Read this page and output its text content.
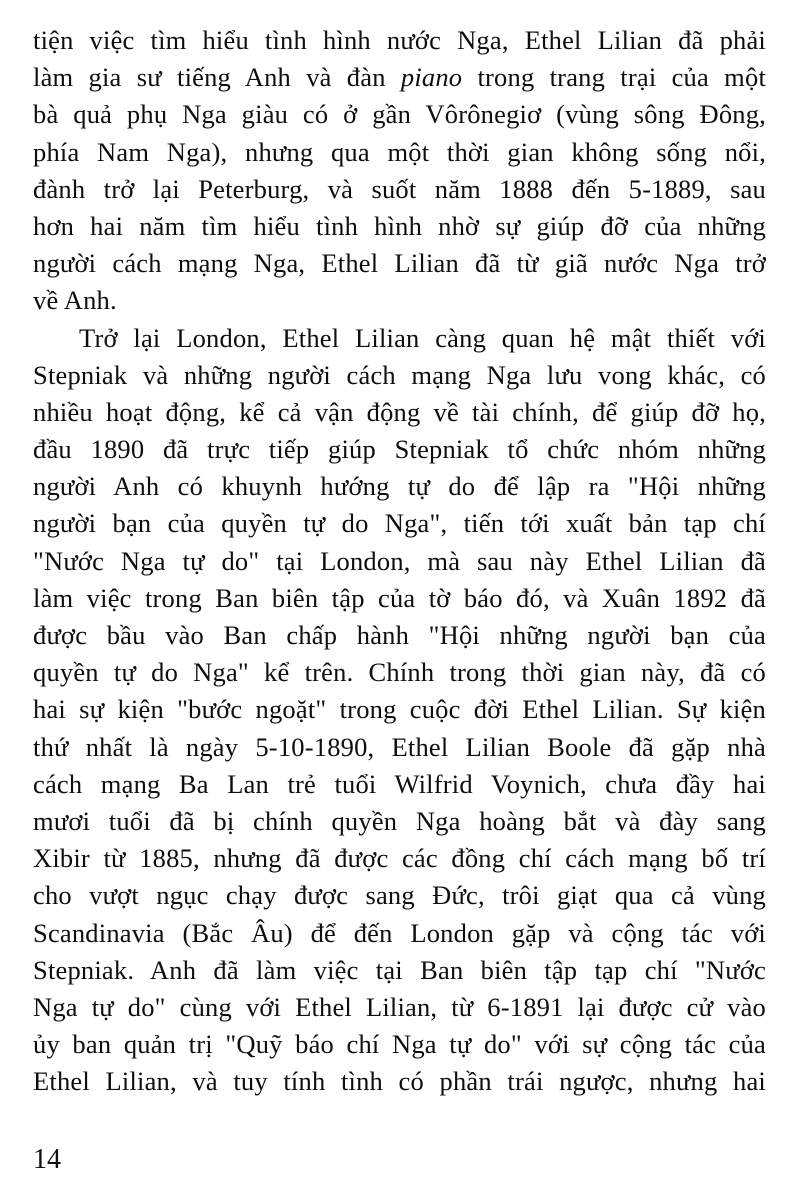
tiện việc tìm hiểu tình hình nước Nga, Ethel Lilian đã phải
làm gia sư tiếng Anh và đàn piano trong trang trại của một
bà quả phụ Nga giàu có ở gần Vôrônegiơ (vùng sông Đông,
phía Nam Nga), nhưng qua một thời gian không sống nổi,
đành trở lại Peterburg, và suốt năm 1888 đến 5-1889, sau
hơn hai năm tìm hiểu tình hình nhờ sự giúp đỡ của những
người cách mạng Nga, Ethel Lilian đã từ giã nước Nga trở
về Anh.
Trở lại London, Ethel Lilian càng quan hệ mật thiết với
Stepniak và những người cách mạng Nga lưu vong khác, có
nhiều hoạt động, kể cả vận động về tài chính, để giúp đỡ họ,
đầu 1890 đã trực tiếp giúp Stepniak tổ chức nhóm những
người Anh có khuynh hướng tự do để lập ra "Hội những
người bạn của quyền tự do Nga", tiến tới xuất bản tạp chí
"Nước Nga tự do" tại London, mà sau này Ethel Lilian đã
làm việc trong Ban biên tập của tờ báo đó, và Xuân 1892 đã
được bầu vào Ban chấp hành "Hội những người bạn của
quyền tự do Nga" kể trên. Chính trong thời gian này, đã có
hai sự kiện "bước ngoặt" trong cuộc đời Ethel Lilian. Sự kiện
thứ nhất là ngày 5-10-1890, Ethel Lilian Boole đã gặp nhà
cách mạng Ba Lan trẻ tuổi Wilfrid Voynich, chưa đầy hai
mươi tuổi đã bị chính quyền Nga hoàng bắt và đày sang
Xibir từ 1885, nhưng đã được các đồng chí cách mạng bố trí
cho vượt ngục chạy được sang Đức, trôi giạt qua cả vùng
Scandinavia (Bắc Âu) để đến London gặp và cộng tác với
Stepniak. Anh đã làm việc tại Ban biên tập tạp chí "Nước
Nga tự do" cùng với Ethel Lilian, từ 6-1891 lại được cử vào
ủy ban quản trị "Quỹ báo chí Nga tự do" với sự cộng tác của
Ethel Lilian, và tuy tính tình có phần trái ngược, nhưng hai
14
